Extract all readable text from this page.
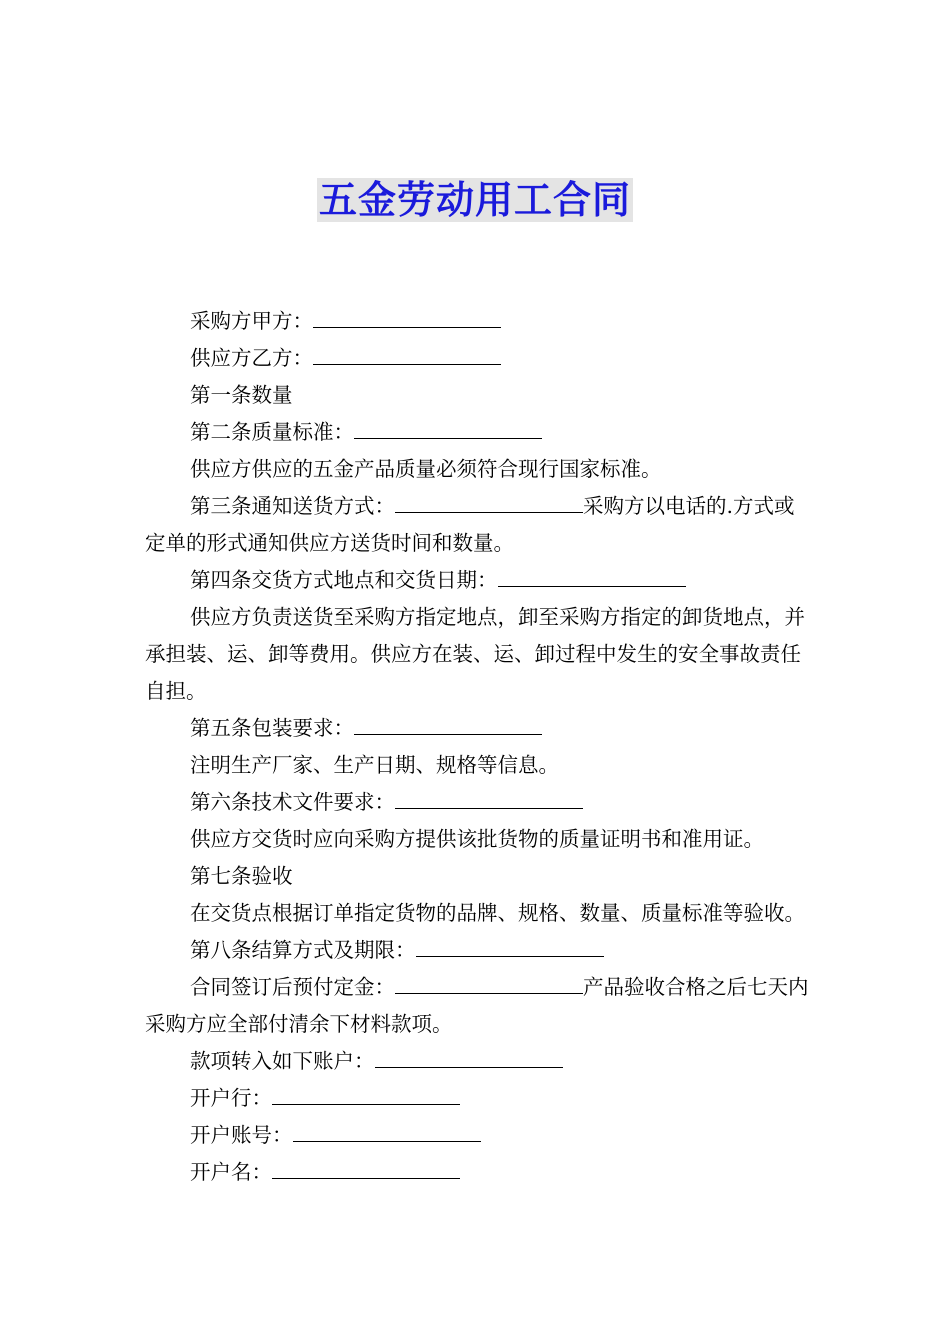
五金劳动用工合同

采购方甲方：

供应方乙方：

第一条数量

第二条质量标准：

供应方供应的五金产品质量必须符合现行国家标准。

第三条通知送货方式：	采购方以电话的.方式或定单的形式通知供应方送货时间和数量。

第四条交货方式地点和交货日期：

供应方负责送货至采购方指定地点，卸至采购方指定的卸货地点，并承担装、运、卸等费用。供应方在装、运、卸过程中发生的安全事故责任自担。

第五条包装要求：

注明生产厂家、生产日期、规格等信息。

第六条技术文件要求：

供应方交货时应向采购方提供该批货物的质量证明书和准用证。

第七条验收

在交货点根据订单指定货物的品牌、规格、数量、质量标准等验收。

第八条结算方式及期限：

合同签订后预付定金：	产品验收合格之后七天内采购方应全部付清余下材料款项。

款项转入如下账户：

开户行：

开户账号：

开户名：
